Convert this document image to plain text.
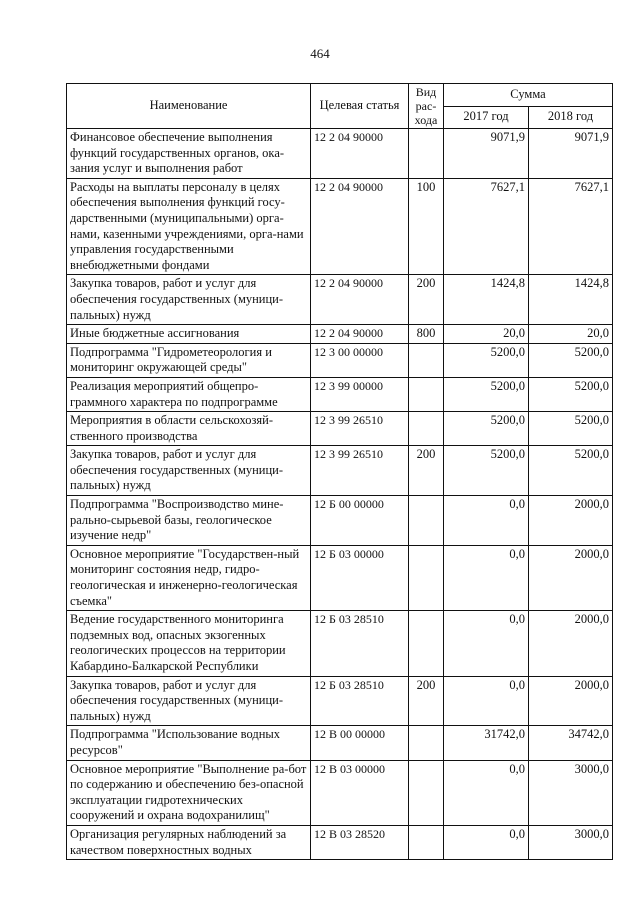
464
Наименование	Целевая статья	Вид рас-хода	Сумма	
			2017 год	2018 год
Финансовое обеспечение выполнения функций государственных органов, ока-зания услуг и выполнения работ	12 2 04 90000		9071,9	9071,9
Расходы на выплаты персоналу в целях обеспечения выполнения функций госу-дарственными (муниципальными) орга-нами, казенными учреждениями, орга-нами управления государственными внебюджетными фондами	12 2 04 90000	100	7627,1	7627,1
Закупка товаров, работ и услуг для обеспечения государственных (муници-пальных) нужд	12 2 04 90000	200	1424,8	1424,8
Иные бюджетные ассигнования	12 2 04 90000	800	20,0	20,0
Подпрограмма "Гидрометеорология и мониторинг окружающей среды"	12 3 00 00000		5200,0	5200,0
Реализация мероприятий общепро-граммного характера по подпрограмме	12 3 99 00000		5200,0	5200,0
Мероприятия в области сельскохозяй-ственного производства	12 3 99 26510		5200,0	5200,0
Закупка товаров, работ и услуг для обеспечения государственных (муници-пальных) нужд	12 3 99 26510	200	5200,0	5200,0
Подпрограмма "Воспроизводство мине-рально-сырьевой базы, геологическое изучение недр"	12 Б 00 00000		0,0	2000,0
Основное мероприятие "Государствен-ный мониторинг состояния недр, гидро-геологическая и инженерно-геологическая съемка"	12 Б 03 00000		0,0	2000,0
Ведение государственного мониторинга подземных вод, опасных экзогенных геологических процессов на территории Кабардино-Балкарской Республики	12 Б 03 28510		0,0	2000,0
Закупка товаров, работ и услуг для обеспечения государственных (муници-пальных) нужд	12 Б 03 28510	200	0,0	2000,0
Подпрограмма "Использование водных ресурсов"	12 В 00 00000		31742,0	34742,0
Основное мероприятие "Выполнение ра-бот по содержанию и обеспечению без-опасной эксплуатации гидротехнических сооружений и охрана водохранилищ"	12 В 03 00000		0,0	3000,0
Организация регулярных наблюдений за качеством поверхностных водных	12 В 03 28520		0,0	3000,0
